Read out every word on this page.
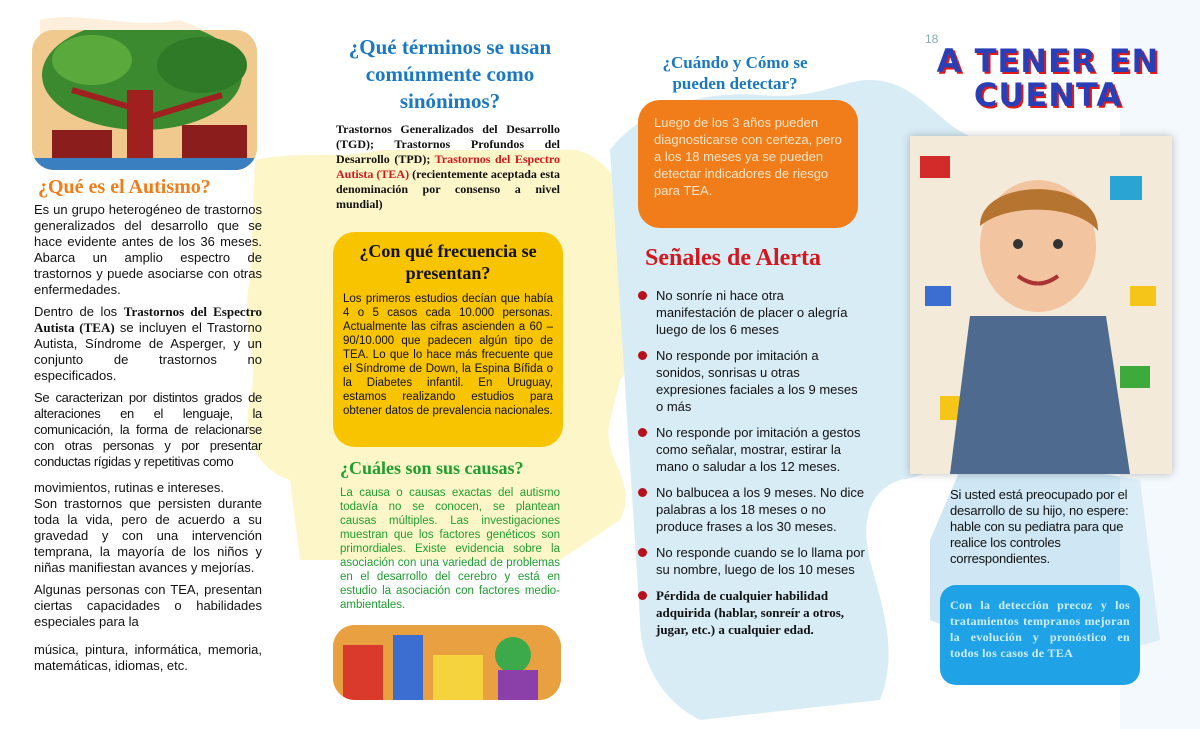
¿Qué es el Autismo?

Es un grupo heterogéneo de trastornos generalizados del desarrollo que se hace evidente antes de los 36 meses. Abarca un amplio espectro de trastornos y puede asociarse con otras enfermedades.

Dentro de los Trastornos del Espectro Autista (TEA) se incluyen el Trastorno Autista, Síndrome de Asperger, y un conjunto de trastornos no especificados.

Se caracterizan por distintos grados de alteraciones en el lenguaje, la comunicación, la forma de relacionarse con otras personas y por presentar conductas rígidas y repetitivas como

movimientos, rutinas e intereses.

Son trastornos que persisten durante toda la vida, pero de acuerdo a su gravedad y con una intervención temprana, la mayoría de los niños y niñas manifiestan avances y mejorías.

Algunas personas con TEA, presentan ciertas capacidades o habilidades especiales para la

música, pintura, informática, memoria, matemáticas, idiomas, etc.

¿Qué términos se usan comúnmente como sinónimos?
Trastornos Generalizados del Desarrollo (TGD); Trastornos Profundos del Desarrollo (TPD); Trastornos del Espectro Autista (TEA) (recientemente aceptada esta denominación por consenso a nivel mundial)
¿Con qué frecuencia se presentan?
Los primeros estudios decían que había 4 o 5 casos cada 10.000 personas. Actualmente las cifras ascienden a 60 – 90/10.000 que padecen algún tipo de TEA. Lo que lo hace más frecuente que el Síndrome de Down, la Espina Bífida o la Diabetes infantil. En Uruguay, estamos realizando estudios para obtener datos de prevalencia nacionales.
¿Cuáles son sus causas?
La causa o causas exactas del autismo todavía no se conocen, se plantean causas múltiples. Las investigaciones muestran que los factores genéticos son primordiales. Existe evidencia sobre la asociación con una variedad de problemas en el desarrollo del cerebro y está en estudio la asociación con factores medio-ambientales.
¿Cuándo y Cómo se pueden detectar?
Luego de los 3 años pueden diagnosticarse con certeza, pero a los 18 meses ya se pueden detectar indicadores de riesgo para TEA.
Señales de Alerta
No sonríe ni hace otra manifestación de placer o alegría luego de los 6 meses
No responde por imitación a sonidos, sonrisas u otras expresiones faciales a los 9 meses o más
No responde por imitación a gestos como señalar, mostrar, estirar la mano o saludar a los 12 meses.
No balbucea a los 9 meses. No dice palabras a los 18 meses o no produce frases a los 30 meses.
No responde cuando se lo llama por su nombre, luego de los 10 meses
Pérdida de cualquier habilidad adquirida (hablar, sonreír a otros, jugar, etc.) a cualquier edad.
18
A TENER EN
CUENTA
Si usted está preocupado por el desarrollo de su hijo, no espere: hable con su pediatra para que realice los controles correspondientes.
Con la detección precoz y los tratamientos tempranos mejoran la evolución y pronóstico en todos los casos de TEA
